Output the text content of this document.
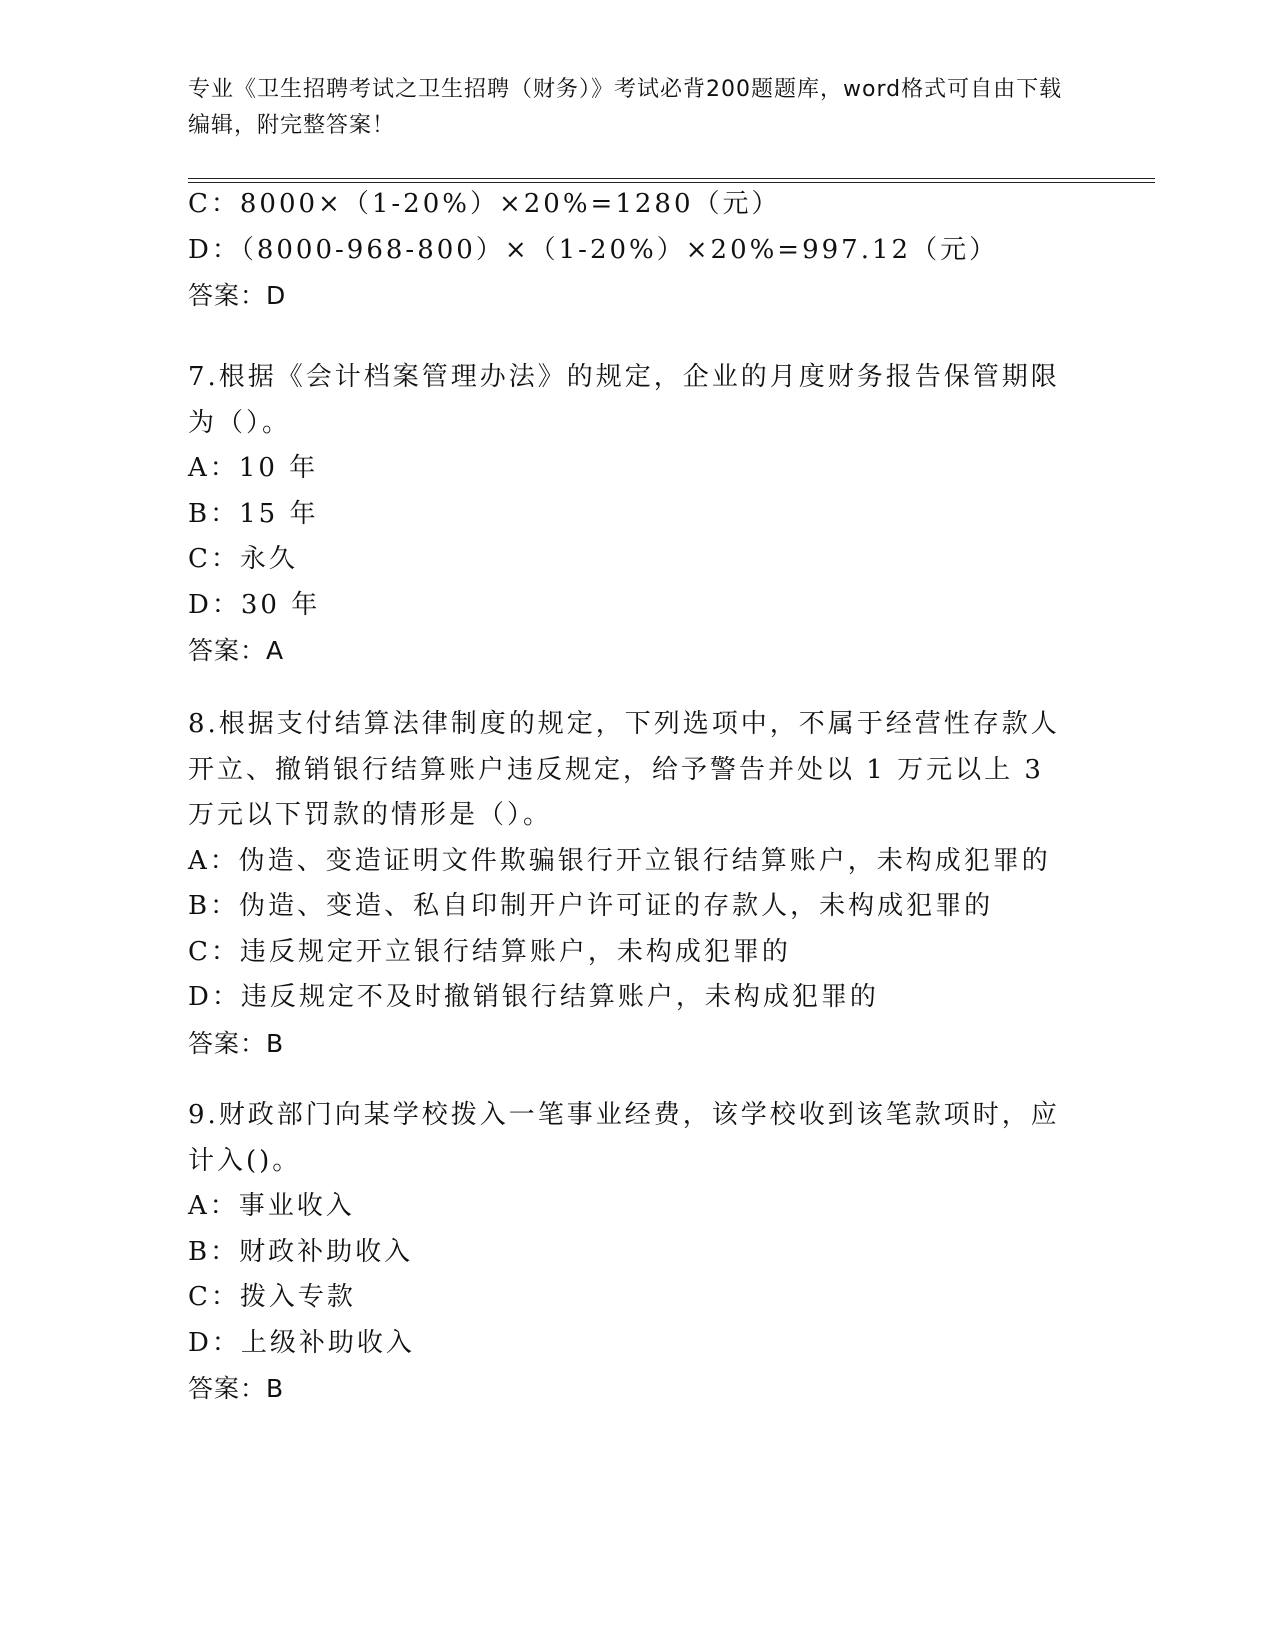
专业《卫生招聘考试之卫生招聘（财务）》考试必背200题题库，word格式可自由下载编辑，附完整答案！
C：8000×（1-20%）×20%=1280（元）
D：（8000-968-800）×（1-20%）×20%=997.12（元）
答案：D
7.根据《会计档案管理办法》的规定，企业的月度财务报告保管期限为（）。
A：10 年
B：15 年
C：永久
D：30 年
答案：A
8.根据支付结算法律制度的规定，下列选项中，不属于经营性存款人开立、撤销银行结算账户违反规定，给予警告并处以 1 万元以上 3 万元以下罚款的情形是（）。
A：伪造、变造证明文件欺骗银行开立银行结算账户，未构成犯罪的
B：伪造、变造、私自印制开户许可证的存款人，未构成犯罪的
C：违反规定开立银行结算账户，未构成犯罪的
D：违反规定不及时撤销银行结算账户，未构成犯罪的
答案：B
9.财政部门向某学校拨入一笔事业经费，该学校收到该笔款项时，应计入()。
A：事业收入
B：财政补助收入
C：拨入专款
D：上级补助收入
答案：B
